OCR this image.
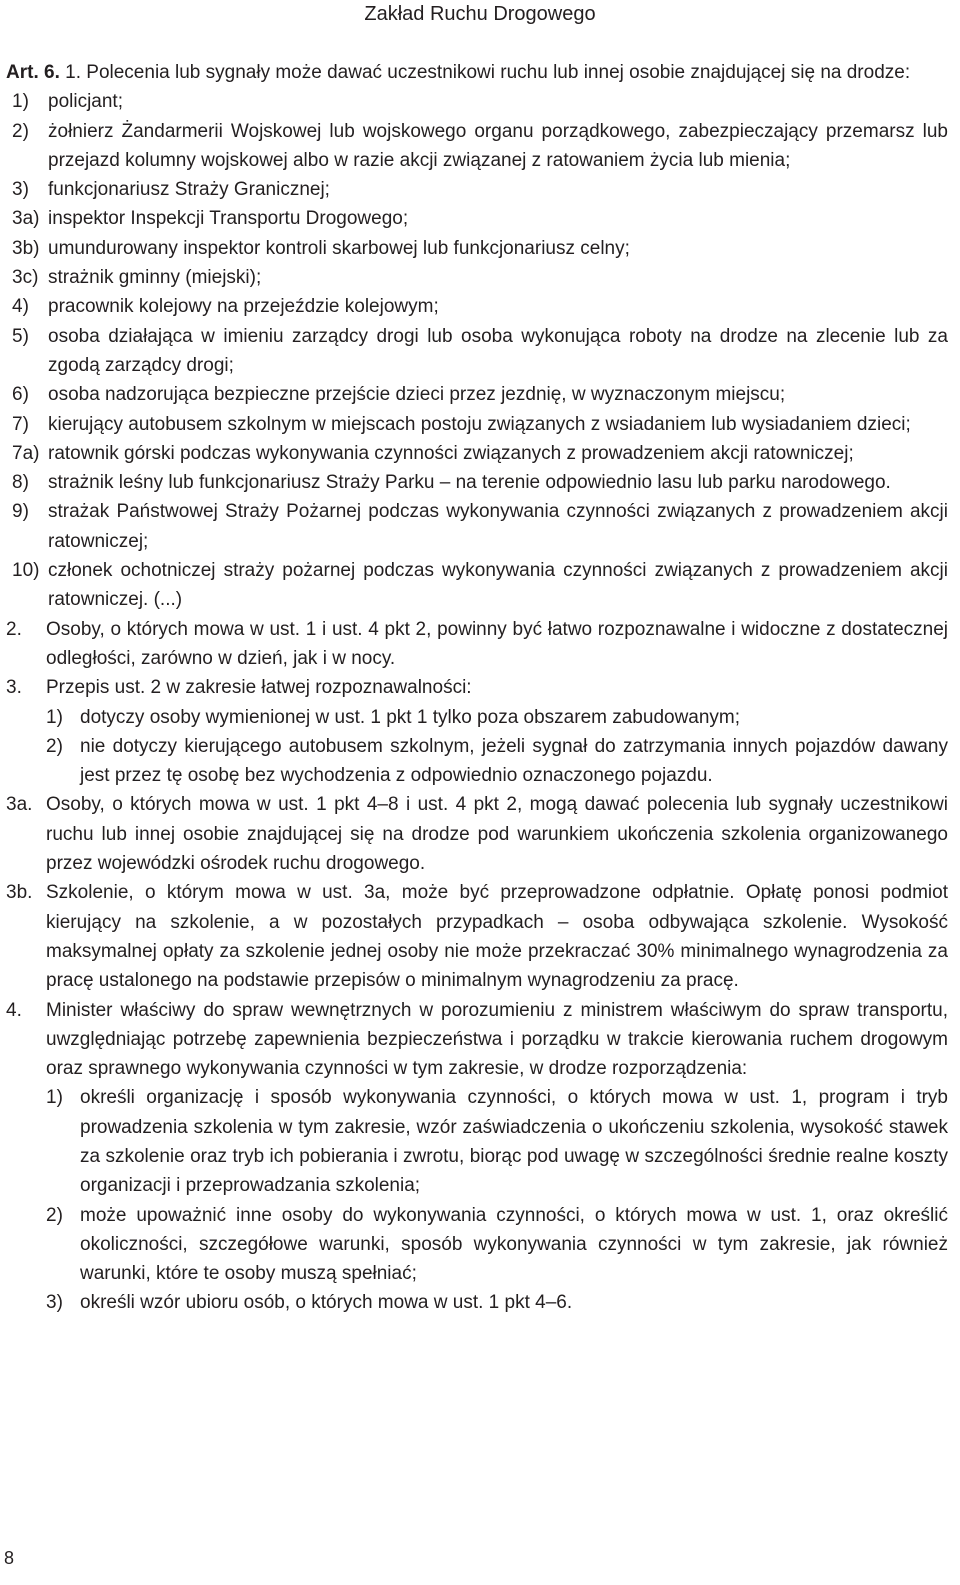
Zakład Ruchu Drogowego
Art. 6. 1. Polecenia lub sygnały może dawać uczestnikowi ruchu lub innej osobie znajdującej się na drodze:
1) policjant;
2) żołnierz Żandarmerii Wojskowej lub wojskowego organu porządkowego, zabezpieczający przemarsz lub przejazd kolumny wojskowej albo w razie akcji związanej z ratowaniem życia lub mienia;
3) funkcjonariusz Straży Granicznej;
3a) inspektor Inspekcji Transportu Drogowego;
3b) umundurowany inspektor kontroli skarbowej lub funkcjonariusz celny;
3c) strażnik gminny (miejski);
4) pracownik kolejowy na przejeździe kolejowym;
5) osoba działająca w imieniu zarządcy drogi lub osoba wykonująca roboty na drodze na zlecenie lub za zgodą zarządcy drogi;
6) osoba nadzorująca bezpieczne przejście dzieci przez jezdnię, w wyznaczonym miejscu;
7) kierujący autobusem szkolnym w miejscach postoju związanych z wsiadaniem lub wysiadaniem dzieci;
7a) ratownik górski podczas wykonywania czynności związanych z prowadzeniem akcji ratowniczej;
8) strażnik leśny lub funkcjonariusz Straży Parku – na terenie odpowiednio lasu lub parku narodowego.
9) strażak Państwowej Straży Pożarnej podczas wykonywania czynności związanych z prowadzeniem akcji ratowniczej;
10) członek ochotniczej straży pożarnej podczas wykonywania czynności związanych z prowadzeniem akcji ratowniczej. (...)
2. Osoby, o których mowa w ust. 1 i ust. 4 pkt 2, powinny być łatwo rozpoznawalne i widoczne z dostatecznej odległości, zarówno w dzień, jak i w nocy.
3. Przepis ust. 2 w zakresie łatwej rozpoznawalności:
1) dotyczy osoby wymienionej w ust. 1 pkt 1 tylko poza obszarem zabudowanym;
2) nie dotyczy kierującego autobusem szkolnym, jeżeli sygnał do zatrzymania innych pojazdów dawany jest przez tę osobę bez wychodzenia z odpowiednio oznaczonego pojazdu.
3a. Osoby, o których mowa w ust. 1 pkt 4–8 i ust. 4 pkt 2, mogą dawać polecenia lub sygnały uczestnikowi ruchu lub innej osobie znajdującej się na drodze pod warunkiem ukończenia szkolenia organizowanego przez wojewódzki ośrodek ruchu drogowego.
3b. Szkolenie, o którym mowa w ust. 3a, może być przeprowadzone odpłatnie. Opłatę ponosi podmiot kierujący na szkolenie, a w pozostałych przypadkach – osoba odbywająca szkolenie. Wysokość maksymalnej opłaty za szkolenie jednej osoby nie może przekraczać 30% minimalnego wynagrodzenia za pracę ustalonego na podstawie przepisów o minimalnym wynagrodzeniu za pracę.
4. Minister właściwy do spraw wewnętrznych w porozumieniu z ministrem właściwym do spraw transportu, uwzględniając potrzebę zapewnienia bezpieczeństwa i porządku w trakcie kierowania ruchem drogowym oraz sprawnego wykonywania czynności w tym zakresie, w drodze rozporządzenia:
1) określi organizację i sposób wykonywania czynności, o których mowa w ust. 1, program i tryb prowadzenia szkolenia w tym zakresie, wzór zaświadczenia o ukończeniu szkolenia, wysokość stawek za szkolenie oraz tryb ich pobierania i zwrotu, biorąc pod uwagę w szczególności średnie realne koszty organizacji i przeprowadzania szkolenia;
2) może upoważnić inne osoby do wykonywania czynności, o których mowa w ust. 1, oraz określić okoliczności, szczegółowe warunki, sposób wykonywania czynności w tym zakresie, jak również warunki, które te osoby muszą spełniać;
3) określi wzór ubioru osób, o których mowa w ust. 1 pkt 4–6.
8
